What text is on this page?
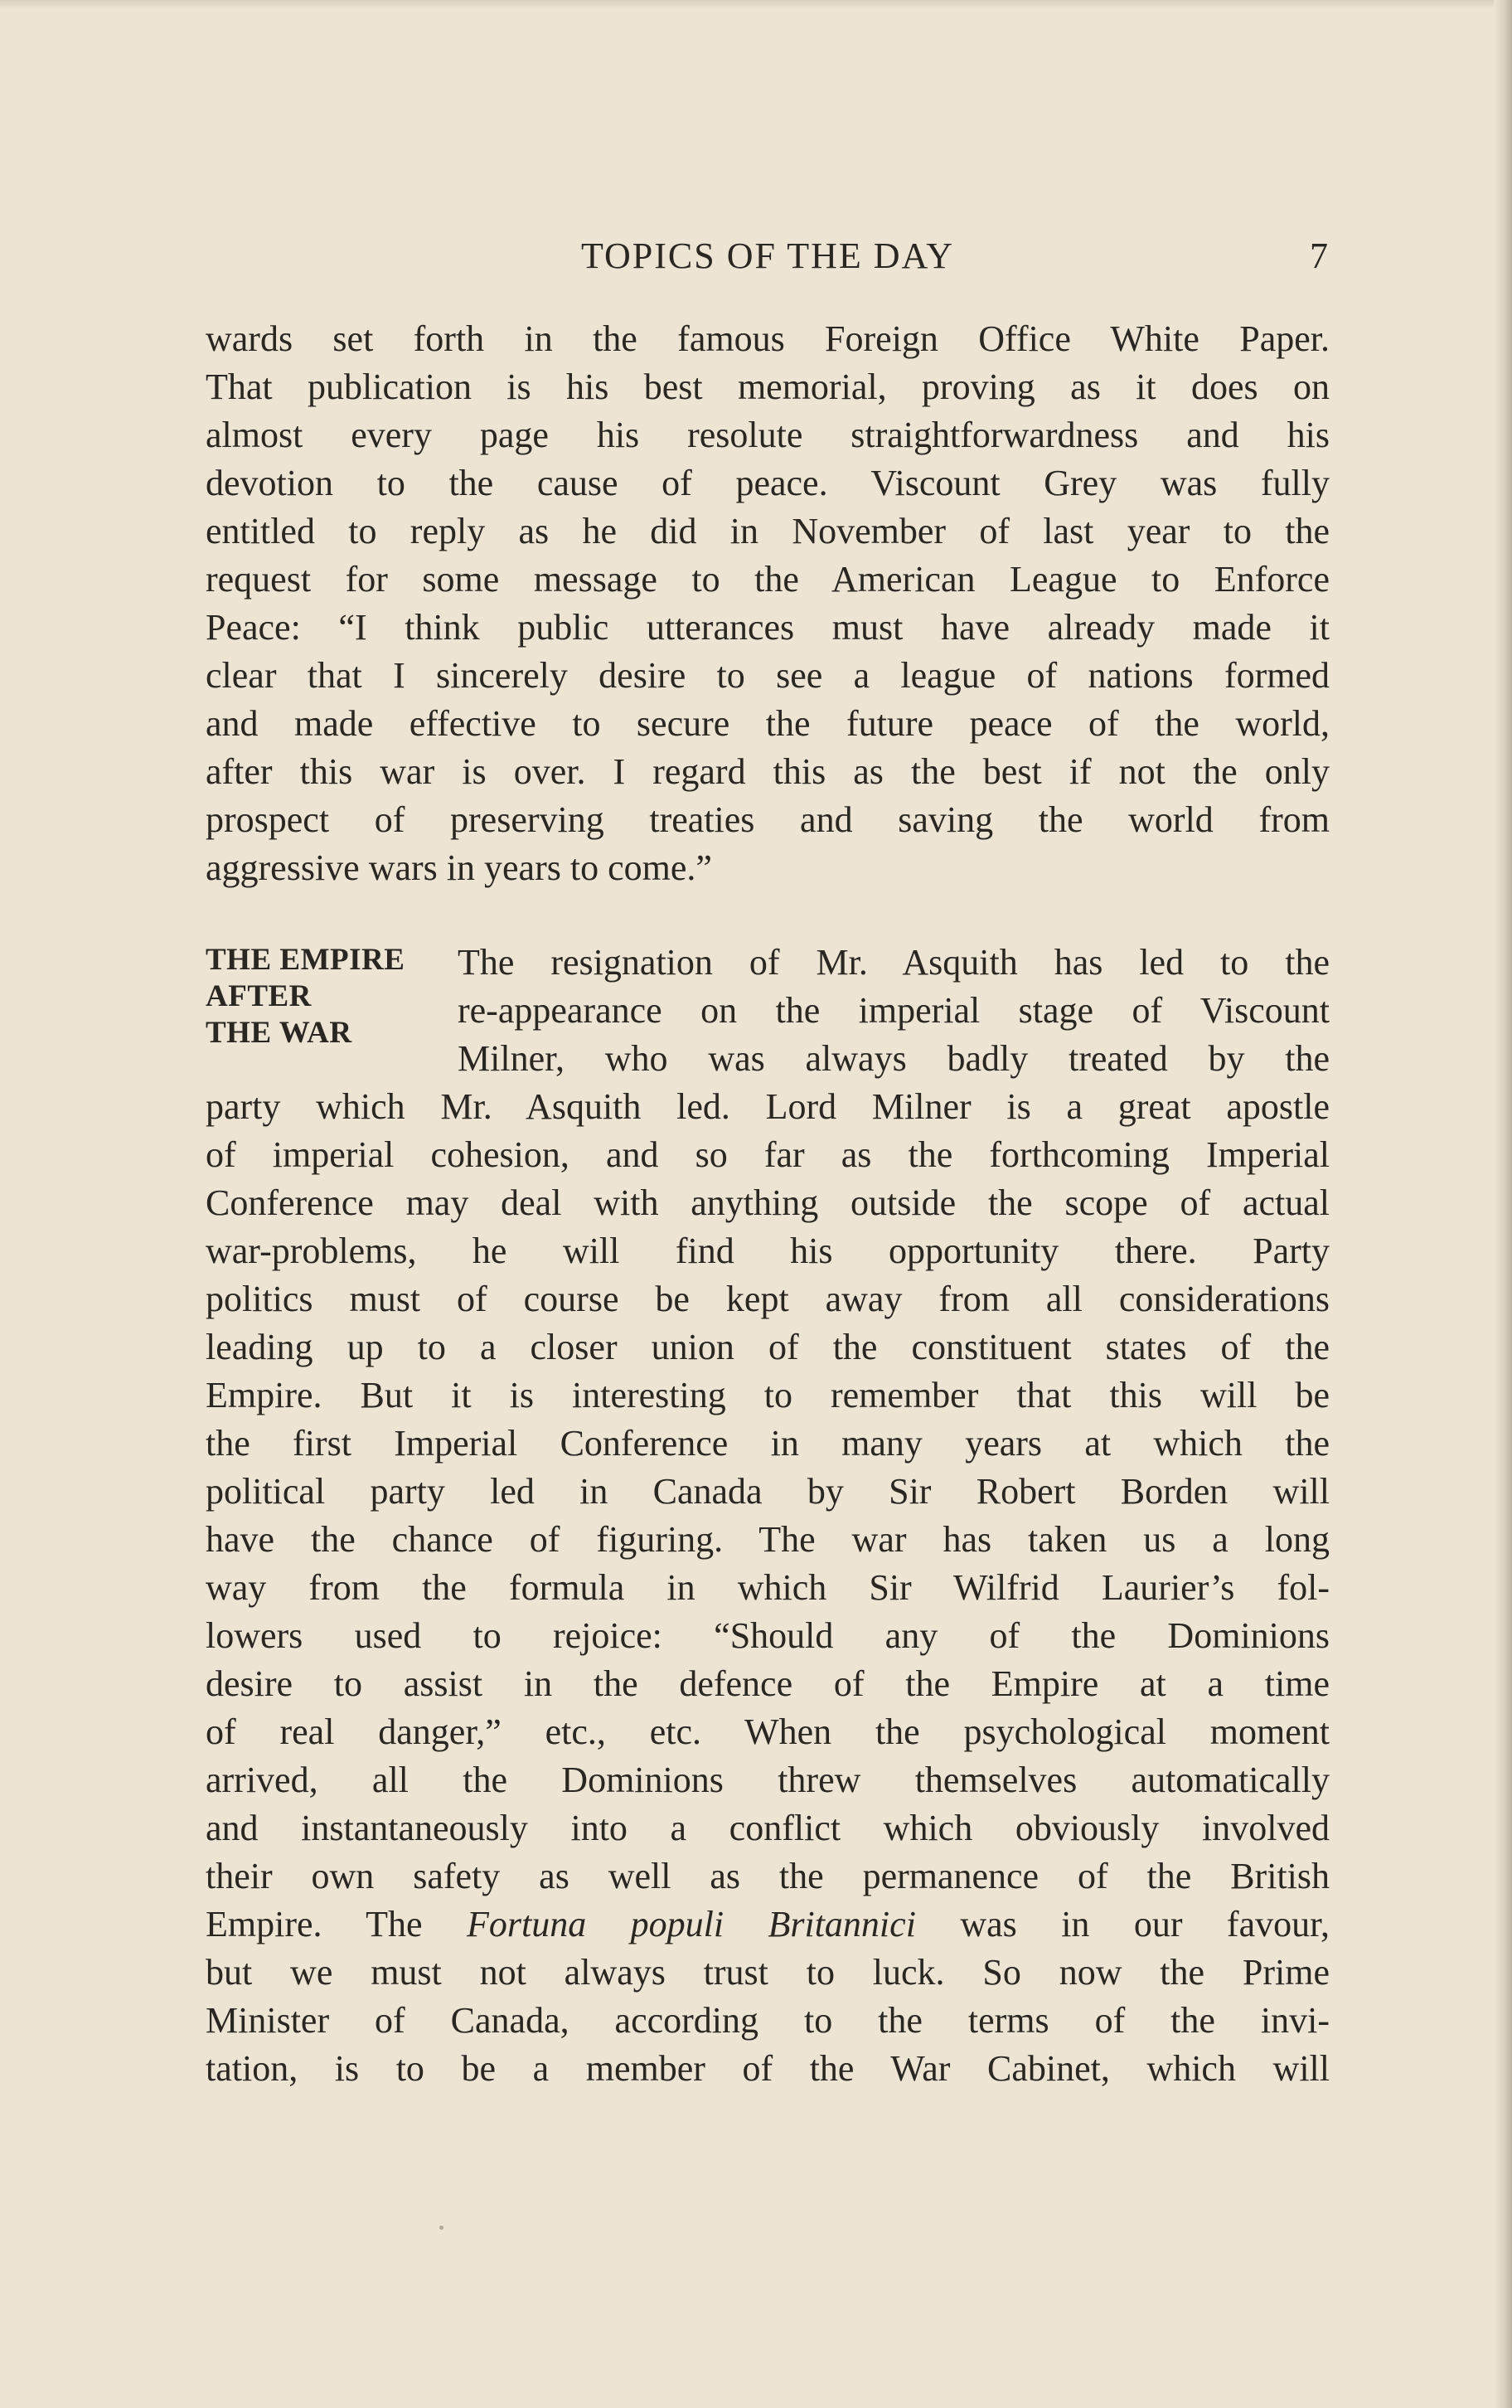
TOPICS OF THE DAY	7
wards set forth in the famous Foreign Office White Paper.
That publication is his best memorial, proving as it does on
almost every page his resolute straightforwardness and his
devotion to the cause of peace. Viscount Grey was fully
entitled to reply as he did in November of last year to the
request for some message to the American League to Enforce
Peace: “I think public utterances must have already made it
clear that I sincerely desire to see a league of nations formed
and made effective to secure the future peace of the world,
after this war is over. I regard this as the best if not the only
prospect of preserving treaties and saving the world from
aggressive wars in years to come.”
THE EMPIRE
AFTER
THE WAR
The resignation of Mr. Asquith has led to the
re-appearance on the imperial stage of Viscount
Milner, who was always badly treated by the
party which Mr. Asquith led. Lord Milner is a great apostle
of imperial cohesion, and so far as the forthcoming Imperial
Conference may deal with anything outside the scope of actual
war-problems, he will find his opportunity there. Party
politics must of course be kept away from all considerations
leading up to a closer union of the constituent states of the
Empire. But it is interesting to remember that this will be
the first Imperial Conference in many years at which the
political party led in Canada by Sir Robert Borden will
have the chance of figuring. The war has taken us a long
way from the formula in which Sir Wilfrid Laurier’s fol-
lowers used to rejoice: “Should any of the Dominions
desire to assist in the defence of the Empire at a time
of real danger,” etc., etc. When the psychological moment
arrived, all the Dominions threw themselves automatically
and instantaneously into a conflict which obviously involved
their own safety as well as the permanence of the British
Empire. The Fortuna populi Britannici was in our favour,
but we must not always trust to luck. So now the Prime
Minister of Canada, according to the terms of the invi-
tation, is to be a member of the War Cabinet, which will
